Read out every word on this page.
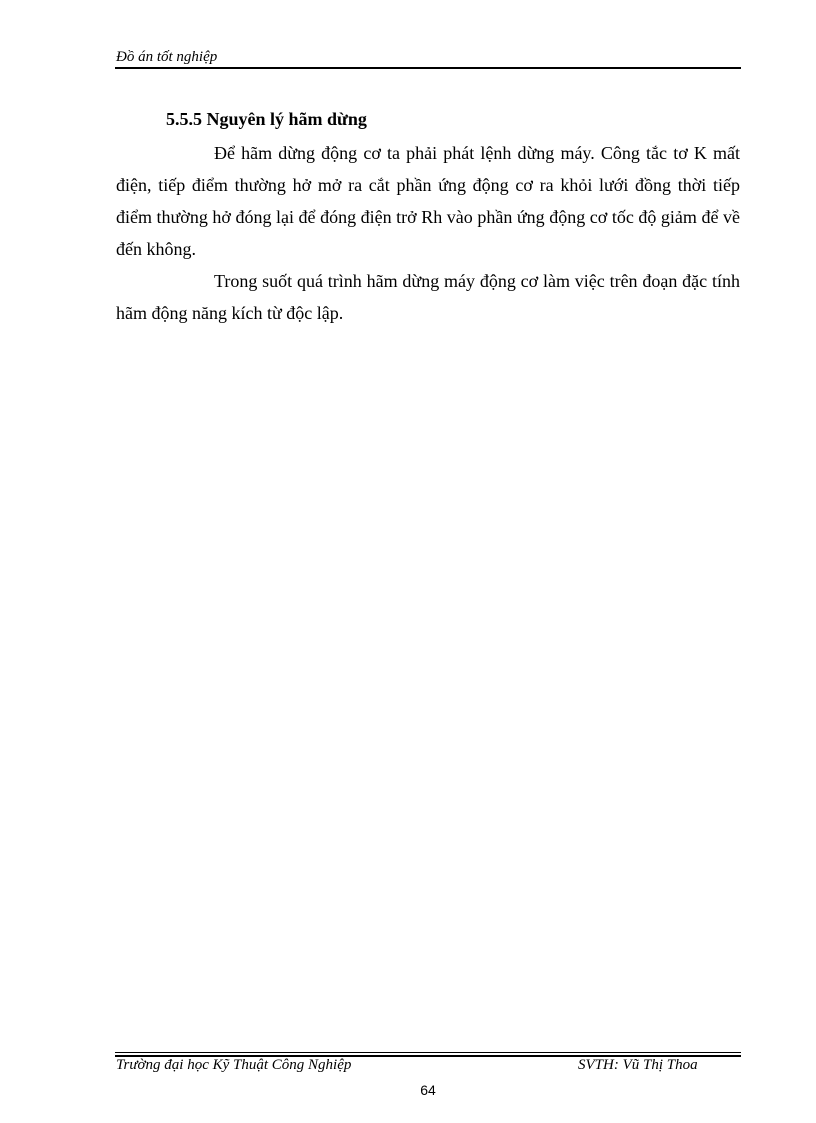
Đồ án tốt nghiệp
5.5.5 Nguyên lý hãm dừng

Để hãm dừng động cơ ta phải phát lệnh dừng máy. Công tắc tơ K mất điện, tiếp điểm thường hở mở ra cắt phần ứng động cơ ra khỏi lưới đồng thời tiếp điểm thường hở đóng lại để đóng điện trở Rh vào phần ứng động cơ tốc độ giảm để về đến không.

Trong suốt quá trình hãm dừng máy động cơ làm việc trên đoạn đặc tính hãm động năng kích từ độc lập.

Trường đại học Kỹ Thuật Công Nghiệp	SVTH: Vũ Thị Thoa
64
